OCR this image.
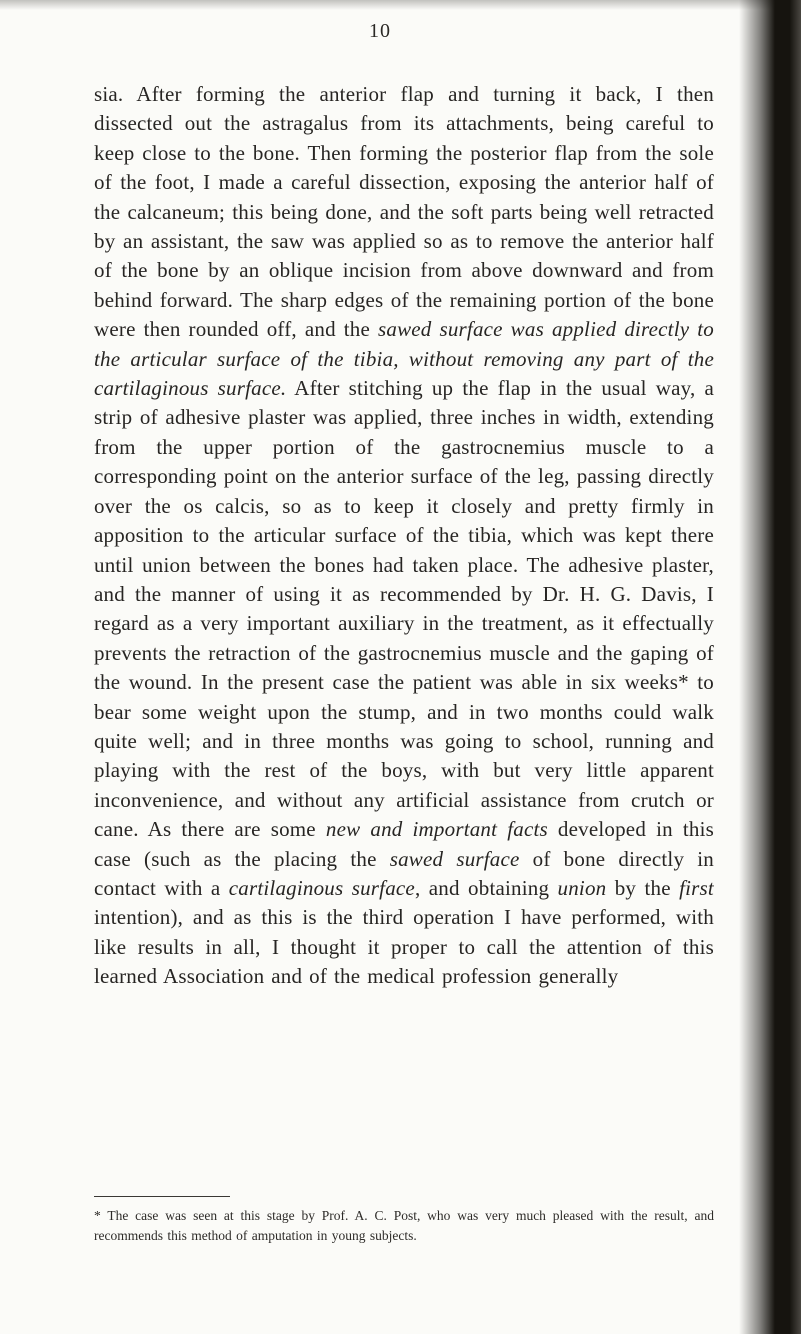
10

sia. After forming the anterior flap and turning it back, I then dissected out the astragalus from its attachments, being careful to keep close to the bone. Then forming the posterior flap from the sole of the foot, I made a careful dissection, exposing the anterior half of the calcaneum; this being done, and the soft parts being well retracted by an assistant, the saw was applied so as to remove the anterior half of the bone by an oblique incision from above downward and from behind forward. The sharp edges of the remaining portion of the bone were then rounded off, and the sawed surface was applied directly to the articular surface of the tibia, without removing any part of the cartilaginous surface. After stitching up the flap in the usual way, a strip of adhesive plaster was applied, three inches in width, extending from the upper portion of the gastrocnemius muscle to a corresponding point on the anterior surface of the leg, passing directly over the os calcis, so as to keep it closely and pretty firmly in apposition to the articular surface of the tibia, which was kept there until union between the bones had taken place. The adhesive plaster, and the manner of using it as recommended by Dr. H. G. Davis, I regard as a very important auxiliary in the treatment, as it effectually prevents the retraction of the gastrocnemius muscle and the gaping of the wound. In the present case the patient was able in six weeks* to bear some weight upon the stump, and in two months could walk quite well; and in three months was going to school, running and playing with the rest of the boys, with but very little apparent inconvenience, and without any artificial assistance from crutch or cane. As there are some new and important facts developed in this case (such as the placing the sawed surface of bone directly in contact with a cartilaginous surface, and obtaining union by the first intention), and as this is the third operation I have performed, with like results in all, I thought it proper to call the attention of this learned Association and of the medical profession generally

* The case was seen at this stage by Prof. A. C. Post, who was very much pleased with the result, and recommends this method of amputation in young subjects.
